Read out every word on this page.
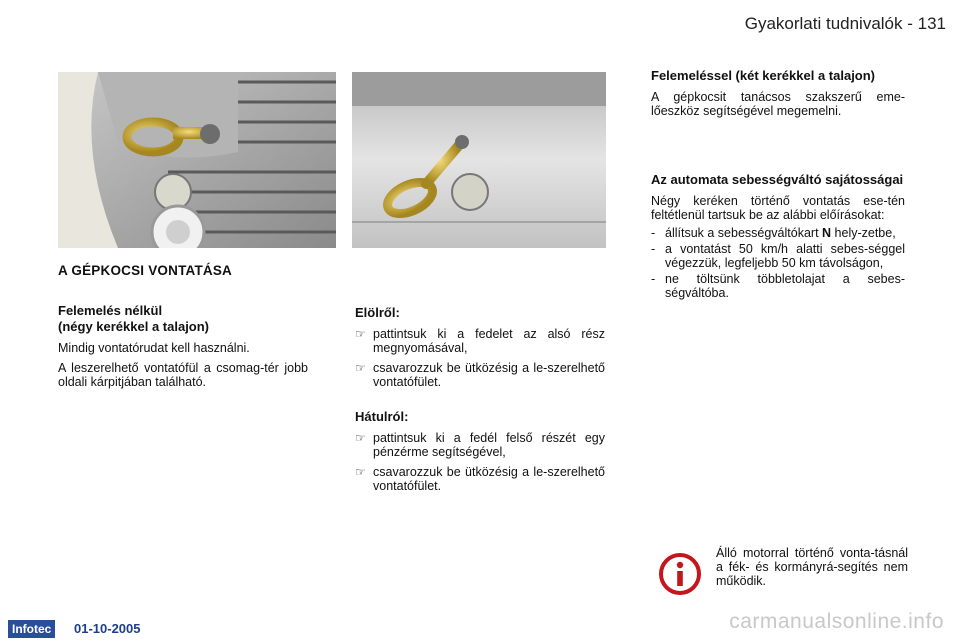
Gyakorlati tudnivalók - 131
A GÉPKOCSI VONTATÁSA

Felemelés nélkül

(négy kerékkel a talajon)

Mindig vontatórudat kell használni.

A leszerelhető vontatófül a csomag-tér jobb oldali kárpitjában található.

Elölről:

☞ pattintsuk ki a fedelet az alsó rész megnyomásával,
☞ csavarozzuk be ütközésig a le-szerelhető vontatófület.

Hátulról:

☞ pattintsuk ki a fedél felső részét egy pénzérme segítségével,
☞ csavarozzuk be ütközésig a le-szerelhető vontatófület.

Felemeléssel (két kerékkel a talajon)

A gépkocsit tanácsos szakszerű eme-lőeszköz segítségével megemelni.

Az automata sebességváltó sajátosságai

Négy keréken történő vontatás ese-tén feltétlenül tartsuk be az alábbi előírásokat:

- állítsuk a sebességváltókart N hely-zetbe,
- a vontatást 50 km/h alatti sebes-séggel végezzük, legfeljebb 50 km távolságon,
- ne töltsünk többletolajat a sebes-ségváltóba.
Álló motorral történő vonta-tásnál a fék- és kormányrá-segítés nem működik.
Infotec	01-10-2005	carmanualsonline.info
